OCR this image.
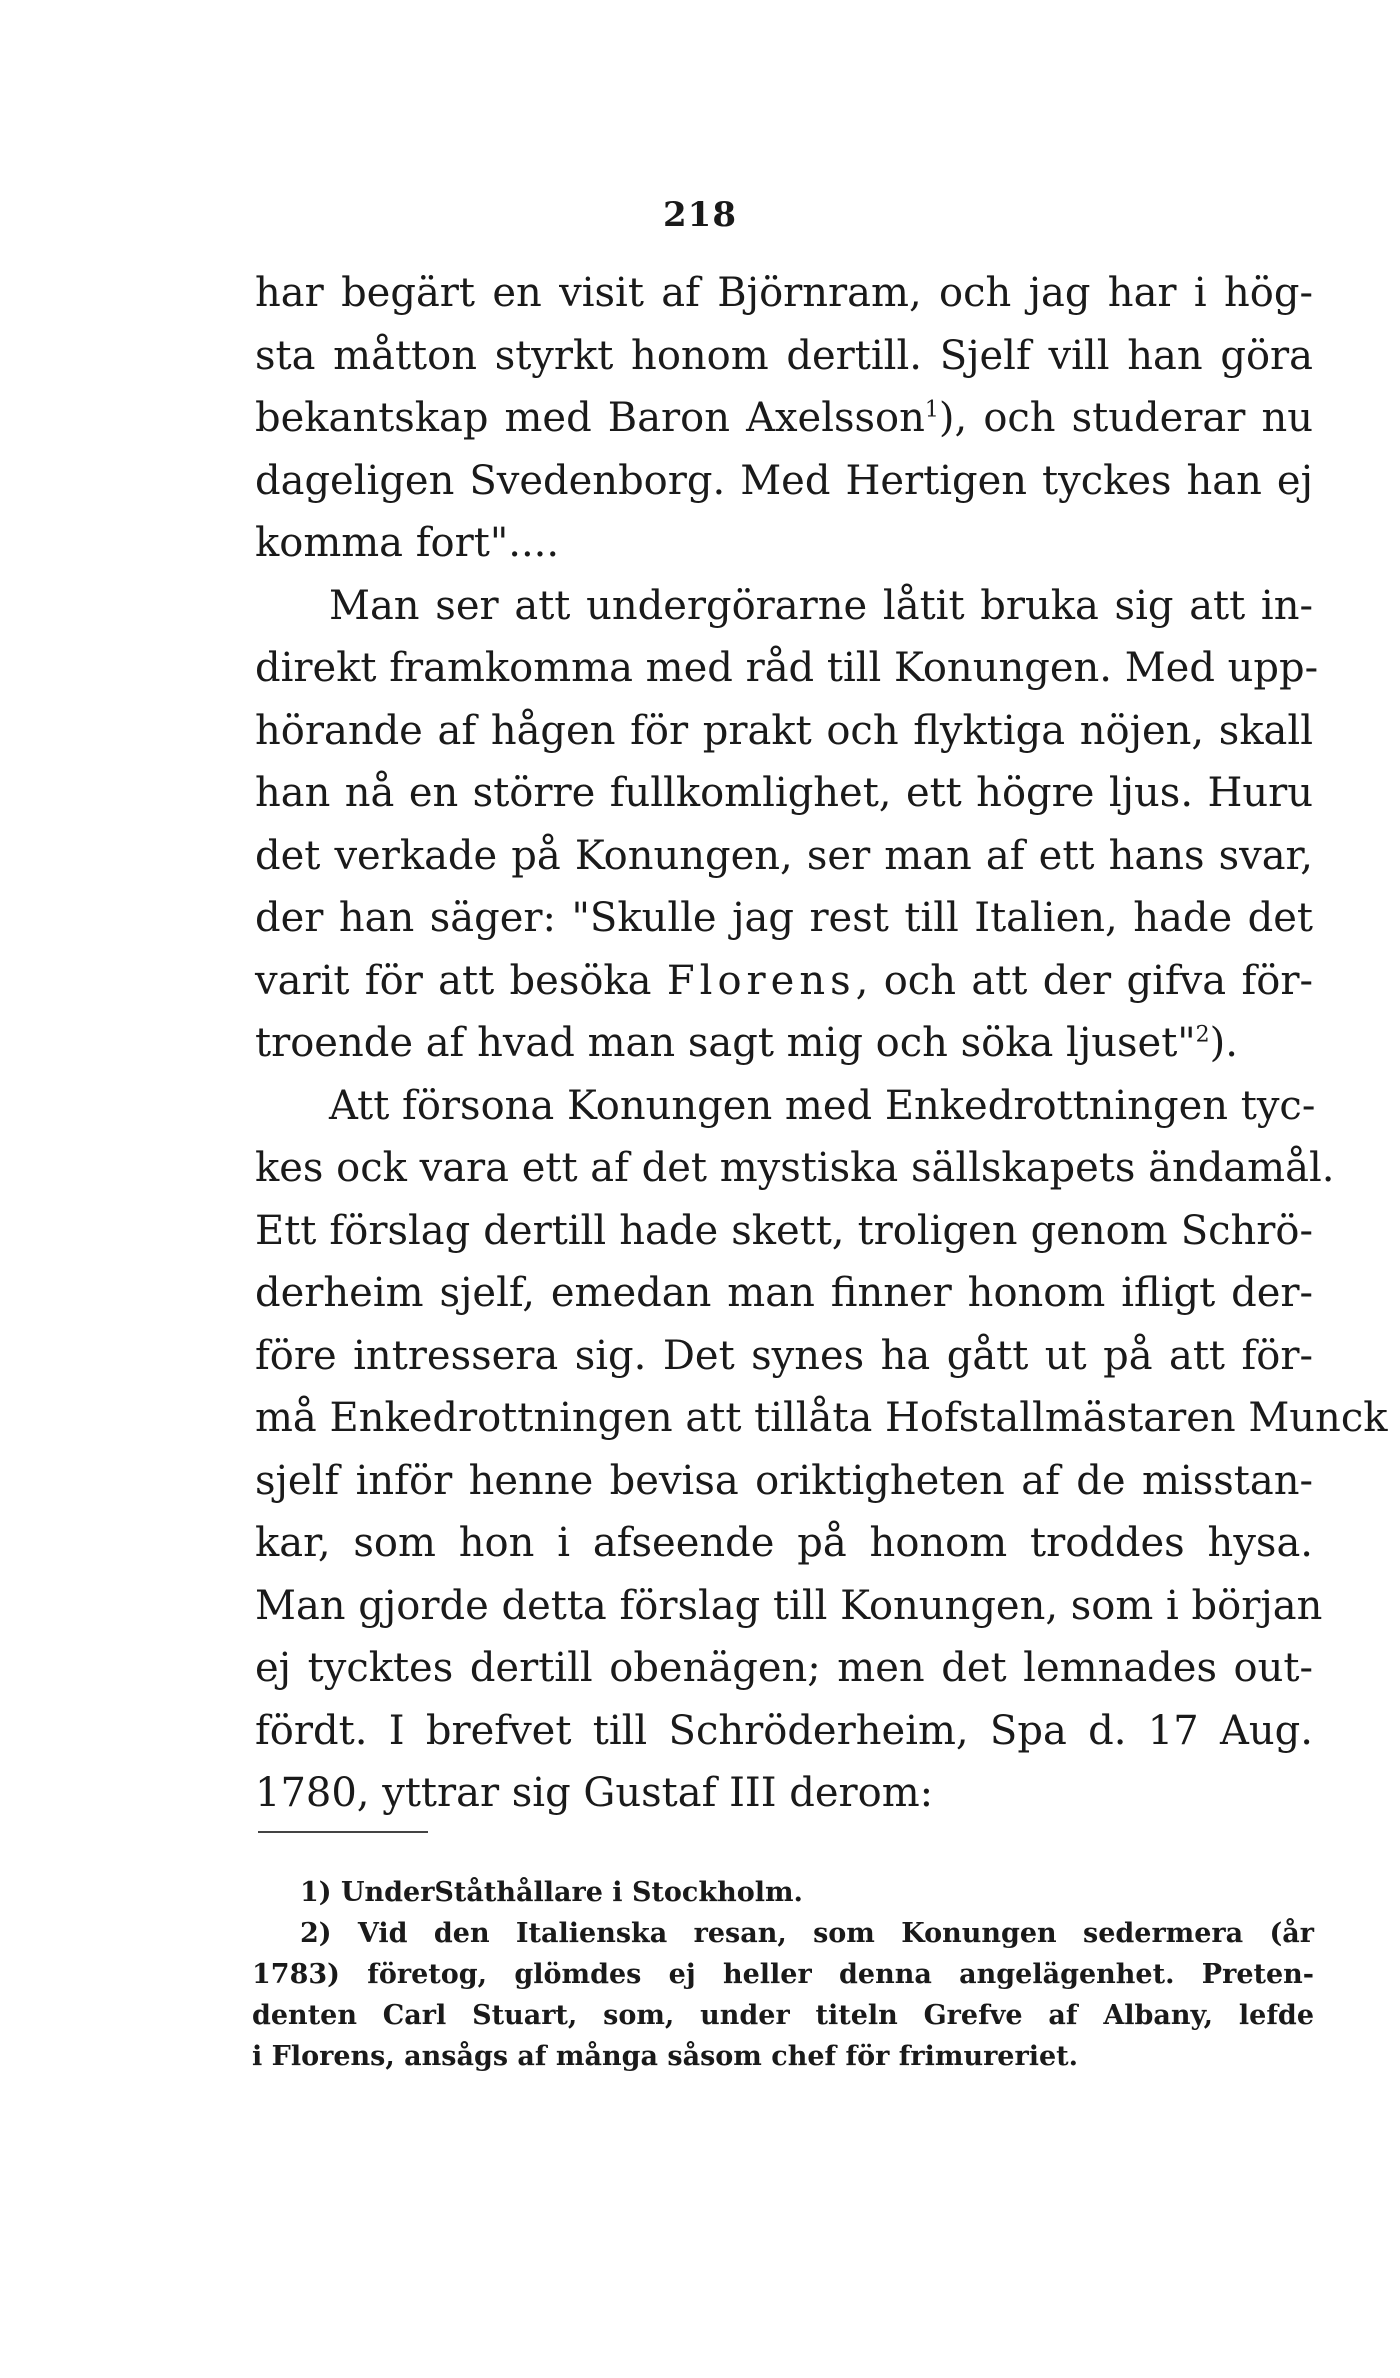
218
har begärt en visit af Björnram, och jag har i hög-
sta måtton styrkt honom dertill. Sjelf vill han göra
bekantskap med Baron Axelsson$^1$), och studerar nu
dageligen Svedenborg. Med Hertigen tyckes han ej
komma fort"....
Man ser att undergörarne låtit bruka sig att in-
direkt framkomma med råd till Konungen. Med upp-
hörande af hågen för prakt och flyktiga nöjen, skall
han nå en större fullkomlighet, ett högre ljus. Huru
det verkade på Konungen, ser man af ett hans svar,
der han säger: "Skulle jag rest till Italien, hade det
varit för att besöka Florens, och att der gifva för-
troende af hvad man sagt mig och söka ljuset"$^2$).
Att försona Konungen med Enkedrottningen tyc-
kes ock vara ett af det mystiska sällskapets ändamål.
Ett förslag dertill hade skett, troligen genom Schrö-
derheim sjelf, emedan man finner honom ifligt der-
före intressera sig. Det synes ha gått ut på att för-
må Enkedrottningen att tillåta Hofstallmästaren Munck
sjelf inför henne bevisa oriktigheten af de misstan-
kar, som hon i afseende på honom troddes hysa.
Man gjorde detta förslag till Konungen, som i början
ej tycktes dertill obenägen; men det lemnades out-
fördt. I brefvet till Schröderheim, Spa d. 17 Aug.
1780, yttrar sig Gustaf III derom:
1) UnderStåthållare i Stockholm.
2) Vid den Italienska resan, som Konungen sedermera (år
1783) företog, glömdes ej heller denna angelägenhet. Preten-
denten Carl Stuart, som, under titeln Grefve af Albany, lefde
i Florens, ansågs af många såsom chef för frimureriet.
